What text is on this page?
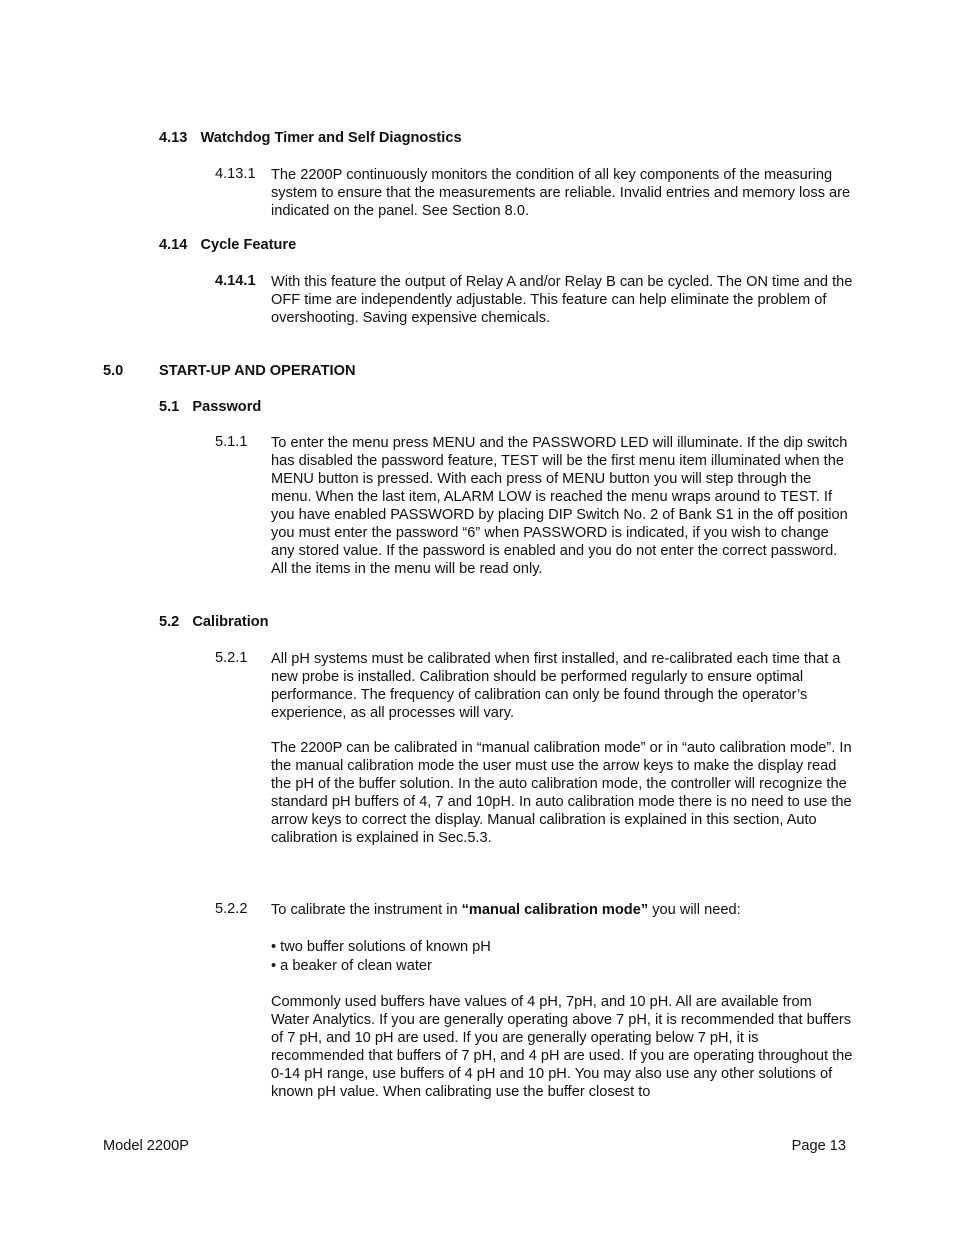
4.13 Watchdog Timer and Self Diagnostics
4.13.1 The 2200P continuously monitors the condition of all key components of the measuring system to ensure that the measurements are reliable. Invalid entries and memory loss are indicated on the panel. See Section 8.0.

4.14 Cycle Feature
4.14.1 With this feature the output of Relay A and/or Relay B can be cycled. The ON time and the OFF time are independently adjustable. This feature can help eliminate the problem of overshooting. Saving expensive chemicals.

5.0 START-UP AND OPERATION
5.1 Password
5.1.1 To enter the menu press MENU and the PASSWORD LED will illuminate. If the dip switch has disabled the password feature, TEST will be the first menu item illuminated when the MENU button is pressed. With each press of MENU button you will step through the menu. When the last item, ALARM LOW is reached the menu wraps around to TEST. If you have enabled PASSWORD by placing DIP Switch No. 2 of Bank S1 in the off position you must enter the password “6” when PASSWORD is indicated, if you wish to change any stored value. If the password is enabled and you do not enter the correct password. All the items in the menu will be read only.

5.2 Calibration
5.2.1 All pH systems must be calibrated when first installed, and re-calibrated each time that a new probe is installed. Calibration should be performed regularly to ensure optimal performance. The frequency of calibration can only be found through the operator’s experience, as all processes will vary.

The 2200P can be calibrated in “manual calibration mode” or in “auto calibration mode”. In the manual calibration mode the user must use the arrow keys to make the display read the pH of the buffer solution. In the auto calibration mode, the controller will recognize the standard pH buffers of 4, 7 and 10pH. In auto calibration mode there is no need to use the arrow keys to correct the display. Manual calibration is explained in this section, Auto calibration is explained in Sec.5.3.

5.2.2 To calibrate the instrument in “manual calibration mode” you will need:
• two buffer solutions of known pH
• a beaker of clean water

Commonly used buffers have values of 4 pH, 7pH, and 10 pH. All are available from Water Analytics. If you are generally operating above 7 pH, it is recommended that buffers of 7 pH, and 10 pH are used. If you are generally operating below 7 pH, it is recommended that buffers of 7 pH, and 4 pH are used. If you are operating throughout the 0-14 pH range, use buffers of 4 pH and 10 pH. You may also use any other solutions of known pH value. When calibrating use the buffer closest to

Model 2200P	Page 13
